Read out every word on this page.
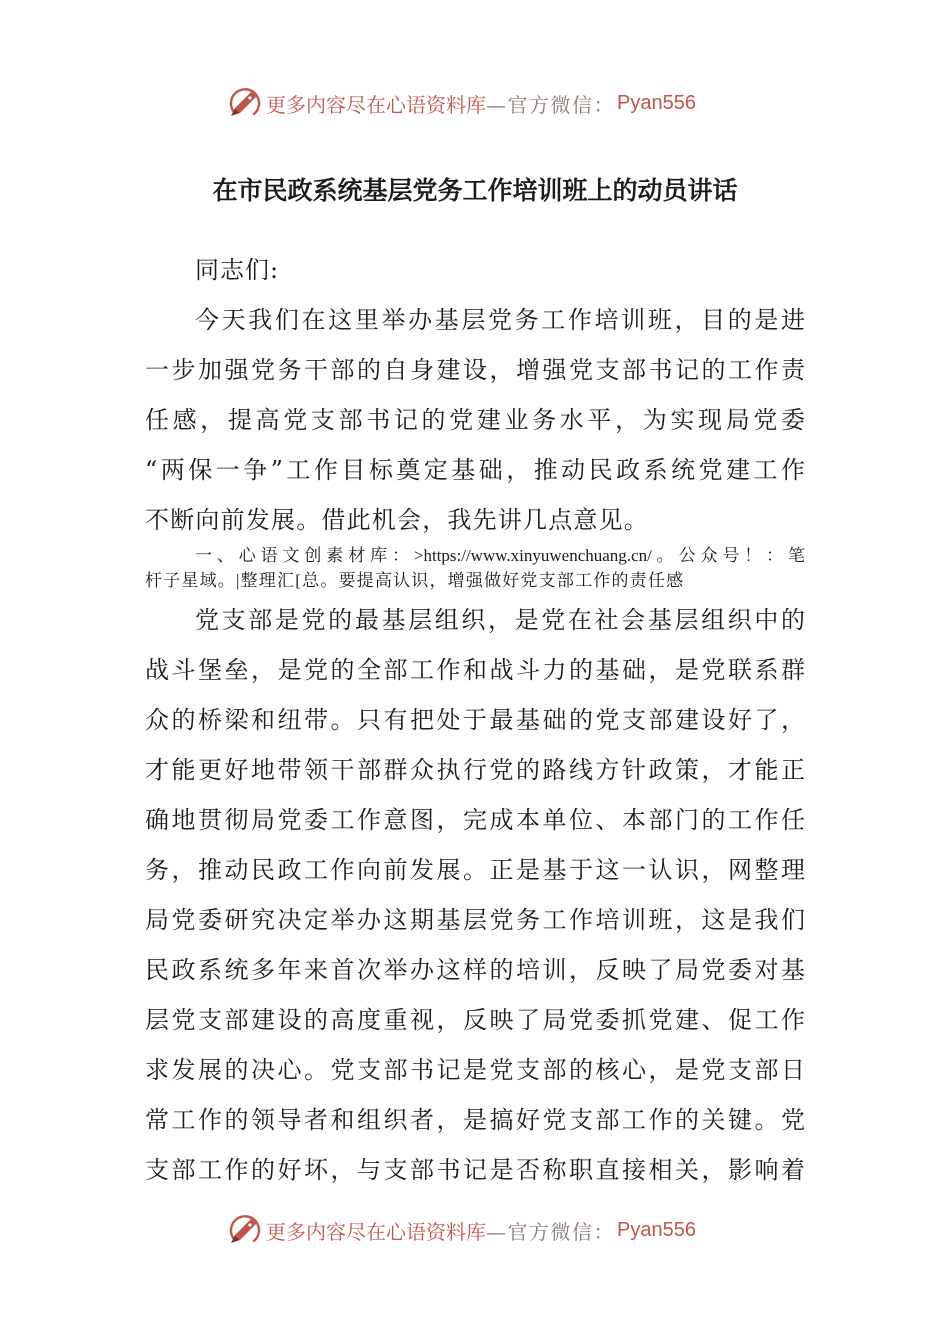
更多内容尽在心语资料库 —官方微信： Pyan556
在市民政系统基层党务工作培训班上的动员讲话
同志们:
今天我们在这里举办基层党务工作培训班，目的是进
一步加强党务干部的自身建设，增强党支部书记的工作责
任感，提高党支部书记的党建业务水平，为实现局党委
“两保一争”工作目标奠定基础，推动民政系统党建工作
不断向前发展。借此机会，我先讲几点意见。
一、心语文创素材库：>https://www.xinyuwenchuang.cn/。公众号！：笔
杆子星域。|整理汇[总。要提高认识，增强做好党支部工作的责任感
党支部是党的最基层组织，是党在社会基层组织中的
战斗堡垒，是党的全部工作和战斗力的基础，是党联系群
众的桥梁和纽带。只有把处于最基础的党支部建设好了，
才能更好地带领干部群众执行党的路线方针政策，才能正
确地贯彻局党委工作意图，完成本单位、本部门的工作任
务，推动民政工作向前发展。正是基于这一认识，网整理
局党委研究决定举办这期基层党务工作培训班，这是我们
民政系统多年来首次举办这样的培训，反映了局党委对基
层党支部建设的高度重视，反映了局党委抓党建、促工作
求发展的决心。党支部书记是党支部的核心，是党支部日
常工作的领导者和组织者，是搞好党支部工作的关键。党
支部工作的好坏，与支部书记是否称职直接相关，影响着
更多内容尽在心语资料库 —官方微信： Pyan556
